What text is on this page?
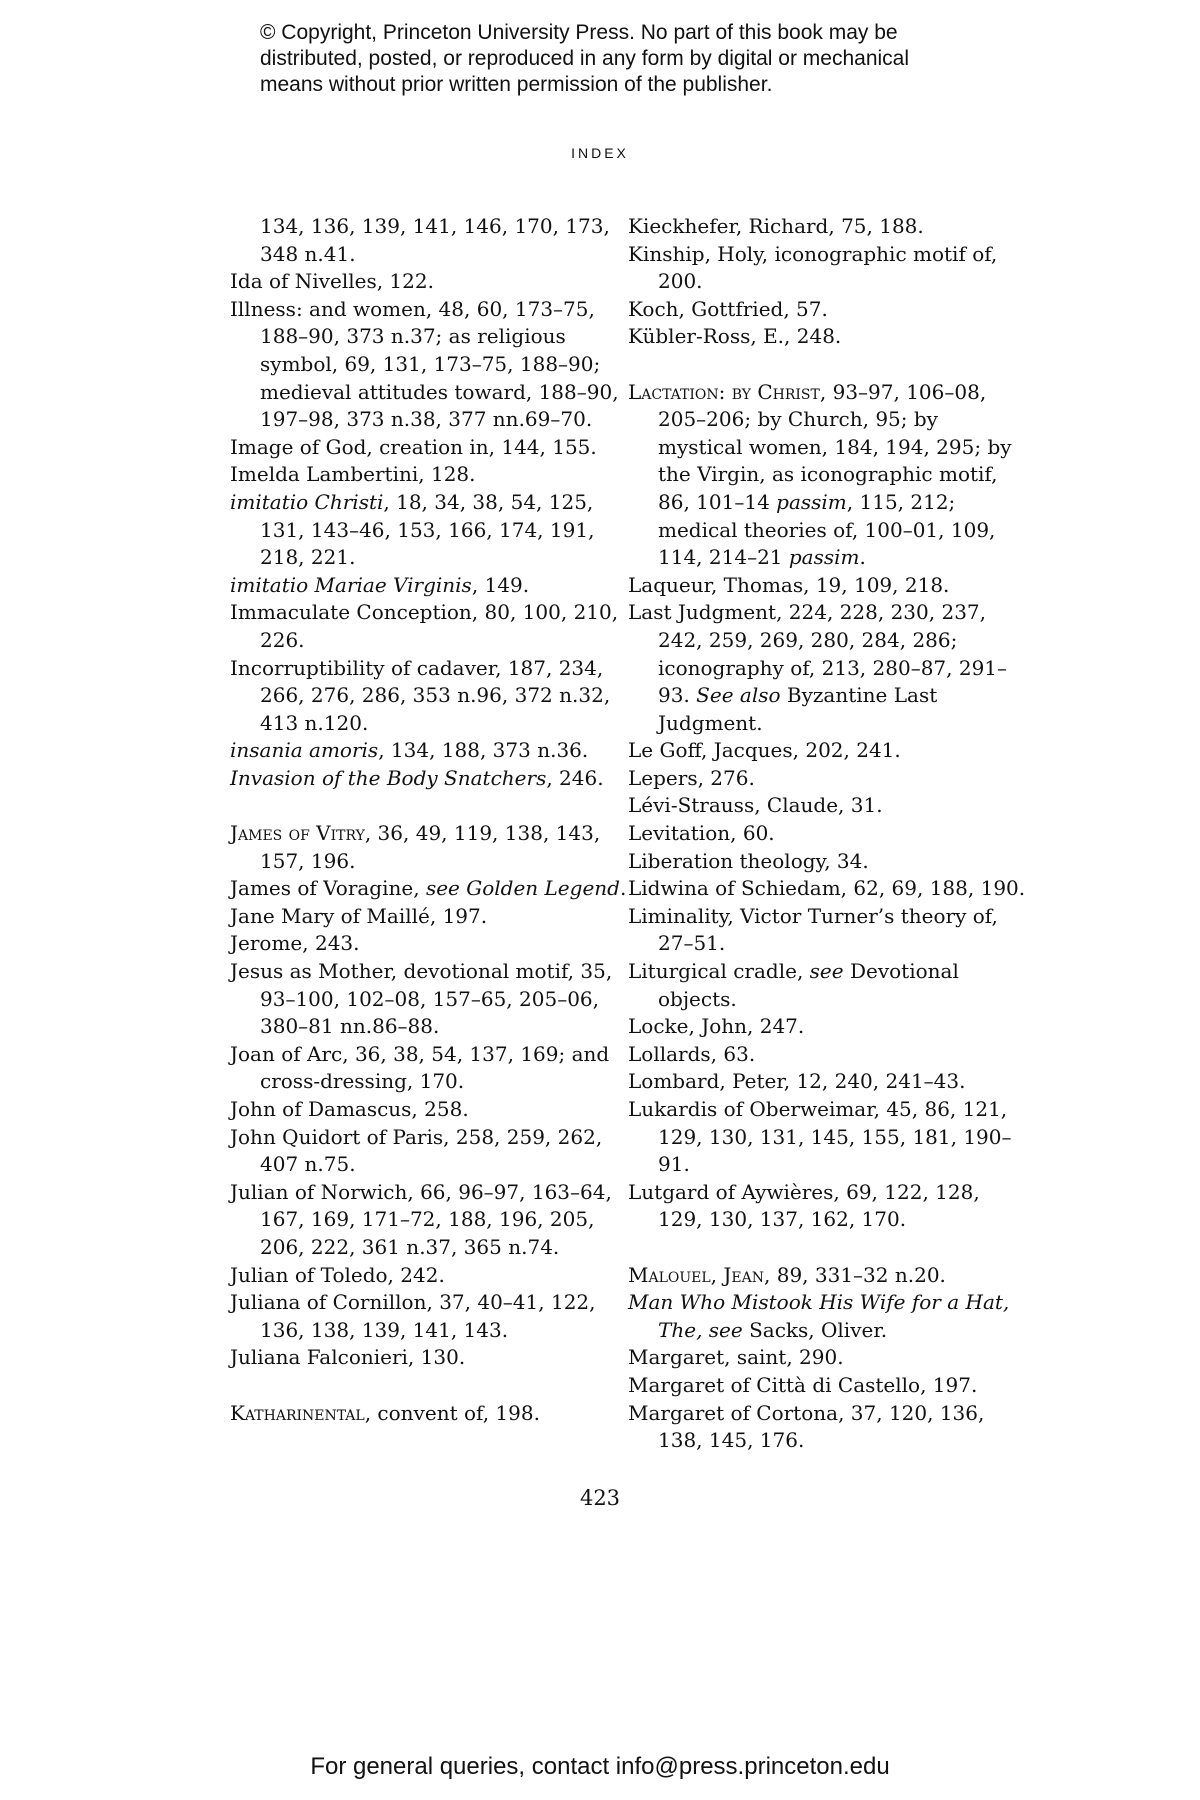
© Copyright, Princeton University Press. No part of this book may be
distributed, posted, or reproduced in any form by digital or mechanical
means without prior written permission of the publisher.
INDEX
134, 136, 139, 141, 146, 170, 173, 348 n.41.
Ida of Nivelles, 122.
Illness: and women, 48, 60, 173–75, 188–90, 373 n.37; as religious symbol, 69, 131, 173–75, 188–90; medieval attitudes toward, 188–90, 197–98, 373 n.38, 377 nn.69–70.
Image of God, creation in, 144, 155.
Imelda Lambertini, 128.
imitatio Christi, 18, 34, 38, 54, 125, 131, 143–46, 153, 166, 174, 191, 218, 221.
imitatio Mariae Virginis, 149.
Immaculate Conception, 80, 100, 210, 226.
Incorruptibility of cadaver, 187, 234, 266, 276, 286, 353 n.96, 372 n.32, 413 n.120.
insania amoris, 134, 188, 373 n.36.
Invasion of the Body Snatchers, 246.
James of Vitry, 36, 49, 119, 138, 143, 157, 196.
James of Voragine, see Golden Legend.
Jane Mary of Maillé, 197.
Jerome, 243.
Jesus as Mother, devotional motif, 35, 93–100, 102–08, 157–65, 205–06, 380–81 nn.86–88.
Joan of Arc, 36, 38, 54, 137, 169; and cross-dressing, 170.
John of Damascus, 258.
John Quidort of Paris, 258, 259, 262, 407 n.75.
Julian of Norwich, 66, 96–97, 163–64, 167, 169, 171–72, 188, 196, 205, 206, 222, 361 n.37, 365 n.74.
Julian of Toledo, 242.
Juliana of Cornillon, 37, 40–41, 122, 136, 138, 139, 141, 143.
Juliana Falconieri, 130.
Katharinental, convent of, 198.
Kieckhefer, Richard, 75, 188.
Kinship, Holy, iconographic motif of, 200.
Koch, Gottfried, 57.
Kübler-Ross, E., 248.
Lactation: by Christ, 93–97, 106–08, 205–206; by Church, 95; by mystical women, 184, 194, 295; by the Virgin, as iconographic motif, 86, 101–14 passim, 115, 212; medical theories of, 100–01, 109, 114, 214–21 passim.
Laqueur, Thomas, 19, 109, 218.
Last Judgment, 224, 228, 230, 237, 242, 259, 269, 280, 284, 286; iconography of, 213, 280–87, 291–93. See also Byzantine Last Judgment.
Le Goff, Jacques, 202, 241.
Lepers, 276.
Lévi-Strauss, Claude, 31.
Levitation, 60.
Liberation theology, 34.
Lidwina of Schiedam, 62, 69, 188, 190.
Liminality, Victor Turner’s theory of, 27–51.
Liturgical cradle, see Devotional objects.
Locke, John, 247.
Lollards, 63.
Lombard, Peter, 12, 240, 241–43.
Lukardis of Oberweimar, 45, 86, 121, 129, 130, 131, 145, 155, 181, 190–91.
Lutgard of Aywières, 69, 122, 128, 129, 130, 137, 162, 170.
Malouel, Jean, 89, 331–32 n.20.
Man Who Mistook His Wife for a Hat, The, see Sacks, Oliver.
Margaret, saint, 290.
Margaret of Città di Castello, 197.
Margaret of Cortona, 37, 120, 136, 138, 145, 176.
423
For general queries, contact info@press.princeton.edu
